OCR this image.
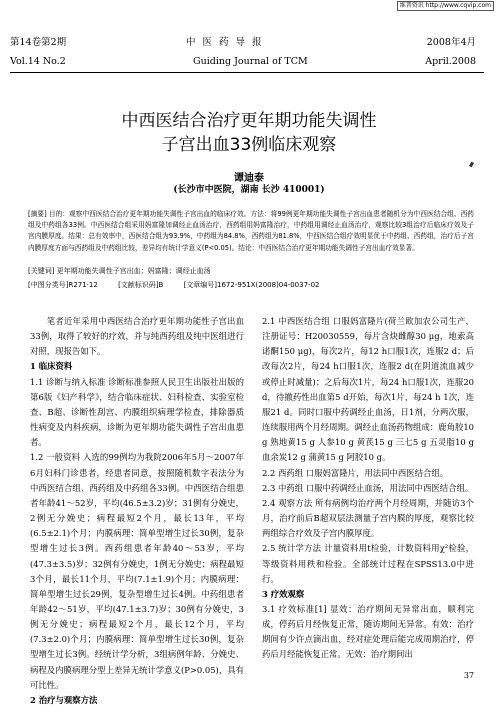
维普资讯 http://www.cqvip.com
第14卷第2期
Vol.14 No.2
中 医 药 导 报
Guiding Journal of TCM
2008年4月
April.2008
中西医结合治疗更年期功能失调性
子宫出血33例临床观察
谭迪泰
(长沙市中医院，湖南 长沙 410001)
[摘要] 目的：观察中西医结合治疗更年期功能失调性子宫出血的临床疗效。方法：将99例更年期功能失调性子宫出血患者随机分为中西医结合组、西药组及中药组各33例。中西医结合组采用妈富隆加调经止血汤治疗，西药组用妈富隆治疗，中药组用调经止血汤治疗，观察比较3组治疗后临床疗效及子宫内膜厚度。结果：总有效率中，西医结合组为93.9%，中药组为84.8%，西药组为81.8%，中西医结合组疗效明显优于中药组、西药组，治疗后子宫内膜厚度方面与西药组及中药组比较，差异均有统计学意义(P<0.05)。结论：中西医结合治疗更年期功能失调性子宫出血疗效显著。
[关键词] 更年期功能失调性子宫出血；妈富隆；调经止血汤
[中图分类号]R271·12	[文献标识码]B	[文章编号]1672-951X(2008)04-0037-02

笔者近年采用中西医结合治疗更年期功能性子宫出血33例，取得了较好的疗效，并与纯西药组及纯中医组进行对照，现报告如下。

1 临床资料

1.1 诊断与纳入标准 诊断标准参照人民卫生出版社出版的第6版《妇产科学》，结合临床症状、妇科检查、实验室检查、B超、诊断性刮宫、内膜组织病理学检查，排除器质性病变及内科疾病，诊断为更年期功能失调性子宫出血患者。

1.2 一般资料 入选的99例均为我院2006年5月～2007年6月妇科门诊患者，经患者同意，按照随机数字表法分为中西医结合组、西药组及中药组各33例。中西医结合组患者年龄41～52岁，平均(46.5±3.2)岁；31例有分娩史，2例无分娩史；病程最短2个月，最长13年，平均(6.5±2.1)个月；内膜病理：简单型增生过长30例，复杂型增生过长3例。西药组患者年龄40～53岁，平均(47.3±3.5)岁；32例有分娩史，1例无分娩史；病程最短3个月，最长11个月，平均(7.1±1.9)个月；内膜病理：简单型增生过长29例，复杂型增生过长4例。中药组患者年龄42～51岁，平均(47.1±3.7)岁；30例有分娩史，3例无分娩史；病程最短2个月，最长12个月，平均(7.3±2.0)个月；内膜病理：简单型增生过长30例，复杂型增生过长3例。经统计学分析，3组病例年龄、分娩史、病程及内膜病理分型上差异无统计学意义(P>0.05)，具有可比性。

2 治疗与观察方法

2.1 中西医结合组 口服妈富隆片(荷兰欧加农公司生产，注册证号：H20030559，每片含炔雌醇30 μg，地索高诺酮150 μg)，每次2片，每12 h口服1次，连服2 d；后改每次2片，每24 h口服1次，连服2 d(在阴道流血减少或停止时减量)；之后每次1片，每24 h口服1次，连服20 d，待撤药性出血第5 d开始，每次1片，每24 h 1次，连服21 d。同时口服中药调经止血汤，日1剂，分两次服，连续服用两个月经周期。调经止血汤药物组成：鹿角胶10 g 熟地黄15 g 人参10 g 黄芪15 g 三七5 g 五灵脂10 g 血余炭12 g 蒲黄15 g 阿胶10 g。

2.2 西药组 口服妈富隆片，用法同中西医结合组。

2.3 中药组 口服中药调经止血汤，用法同中西医结合组。

2.4 观察方法 所有病例均治疗两个月经周期，并随访3个月，治疗前后B超双层法测量子宫内膜的厚度，观察比较两组综合疗效及子宫内膜厚度。

2.5 统计学方法 计量资料用t检验，计数资料用χ²检验，等级资料用秩和检验。全部统计过程在SPSS13.0中进行。

3 疗效观察

3.1 疗效标准[1] 显效：治疗期间无异常出血，顺利完成，停药后月经恢复正常，随访期间无异常。有效：治疗期间有少许点滴出血，经对症处理后能完成周期治疗，停药后月经能恢复正常。无效：治疗期间出

37
